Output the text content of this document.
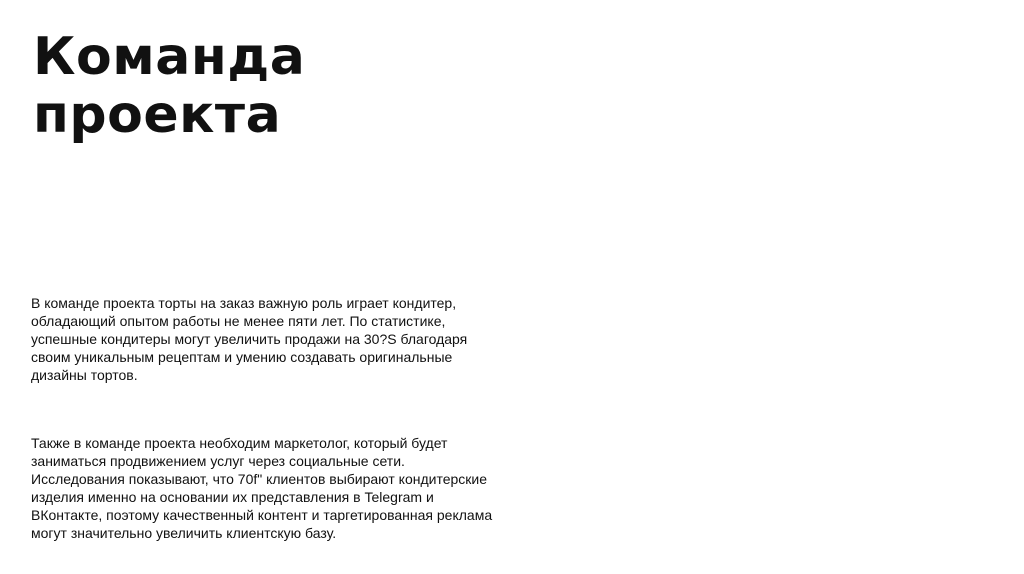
Команда
проекта

В команде проекта торты на заказ важную роль играет кондитер,
обладающий опытом работы не менее пяти лет. По статистике,
успешные кондитеры могут увеличить продажи на 30?S благодаря
своим уникальным рецептам и умению создавать оригинальные
дизайны тортов.

Также в команде проекта необходим маркетолог, который будет
заниматься продвижением услуг через социальные сети.
Исследования показывают, что 70f" клиентов выбирают кондитерские
изделия именно на основании их представления в Telegram и
ВКонтакте, поэтому качественный контент и таргетированная реклама
могут значительно увеличить клиентскую базу.
